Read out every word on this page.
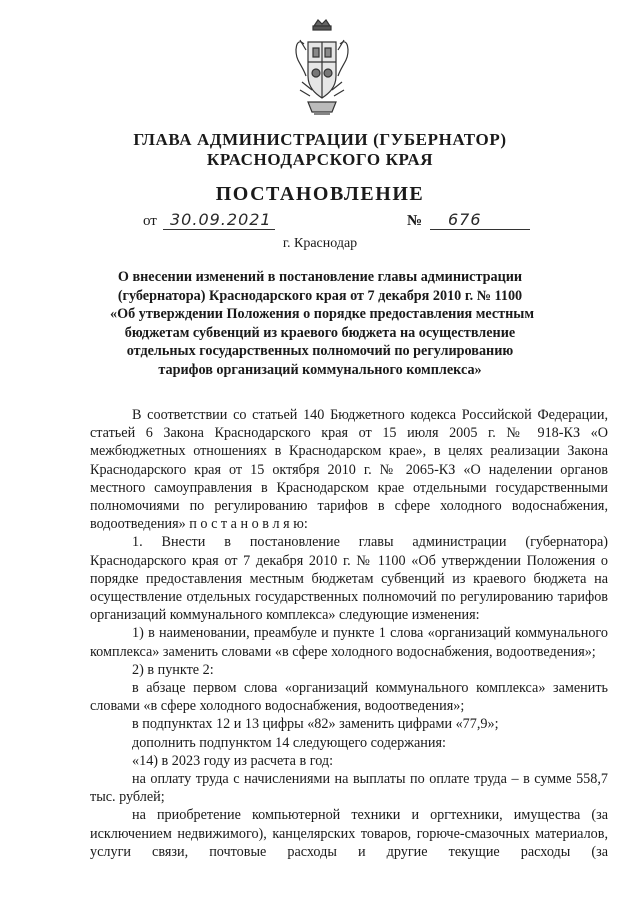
ГЛАВА АДМИНИСТРАЦИИ (ГУБЕРНАТОР)
КРАСНОДАРСКОГО КРАЯ
ПОСТАНОВЛЕНИЕ
от 30.09.2021	№ 676
г. Краснодар
О внесении изменений в постановление главы администрации
(губернатора) Краснодарского края от 7 декабря 2010 г. № 1100
«Об утверждении Положения о порядке предоставления местным
бюджетам субвенций из краевого бюджета на осуществление
отдельных государственных полномочий по регулированию
тарифов организаций коммунального комплекса»
В соответствии со статьей 140 Бюджетного кодекса Российской Федерации, статьей 6 Закона Краснодарского края от 15 июля 2005 г. № 918-КЗ «О межбюджетных отношениях в Краснодарском крае», в целях реализации Закона Краснодарского края от 15 октября 2010 г. № 2065-КЗ «О наделении органов местного самоуправления в Краснодарском крае отдельными государственными полномочиями по регулированию тарифов в сфере холодного водоснабжения, водоотведения» п о с т а н о в л я ю:
1. Внести в постановление главы администрации (губернатора) Краснодарского края от 7 декабря 2010 г. № 1100 «Об утверждении Положения о порядке предоставления местным бюджетам субвенций из краевого бюджета на осуществление отдельных государственных полномочий по регулированию тарифов организаций коммунального комплекса» следующие изменения:
1) в наименовании, преамбуле и пункте 1 слова «организаций коммунального комплекса» заменить словами «в сфере холодного водоснабжения, водоотведения»;
2) в пункте 2:
в абзаце первом слова «организаций коммунального комплекса» заменить словами «в сфере холодного водоснабжения, водоотведения»;
в подпунктах 12 и 13 цифры «82» заменить цифрами «77,9»;
дополнить подпунктом 14 следующего содержания:
«14) в 2023 году из расчета в год:
на оплату труда с начислениями на выплаты по оплате труда – в сумме 558,7 тыс. рублей;
на приобретение компьютерной техники и оргтехники, имущества (за исключением недвижимого), канцелярских товаров, горюче-смазочных материалов, услуги связи, почтовые расходы и другие текущие расходы (за
